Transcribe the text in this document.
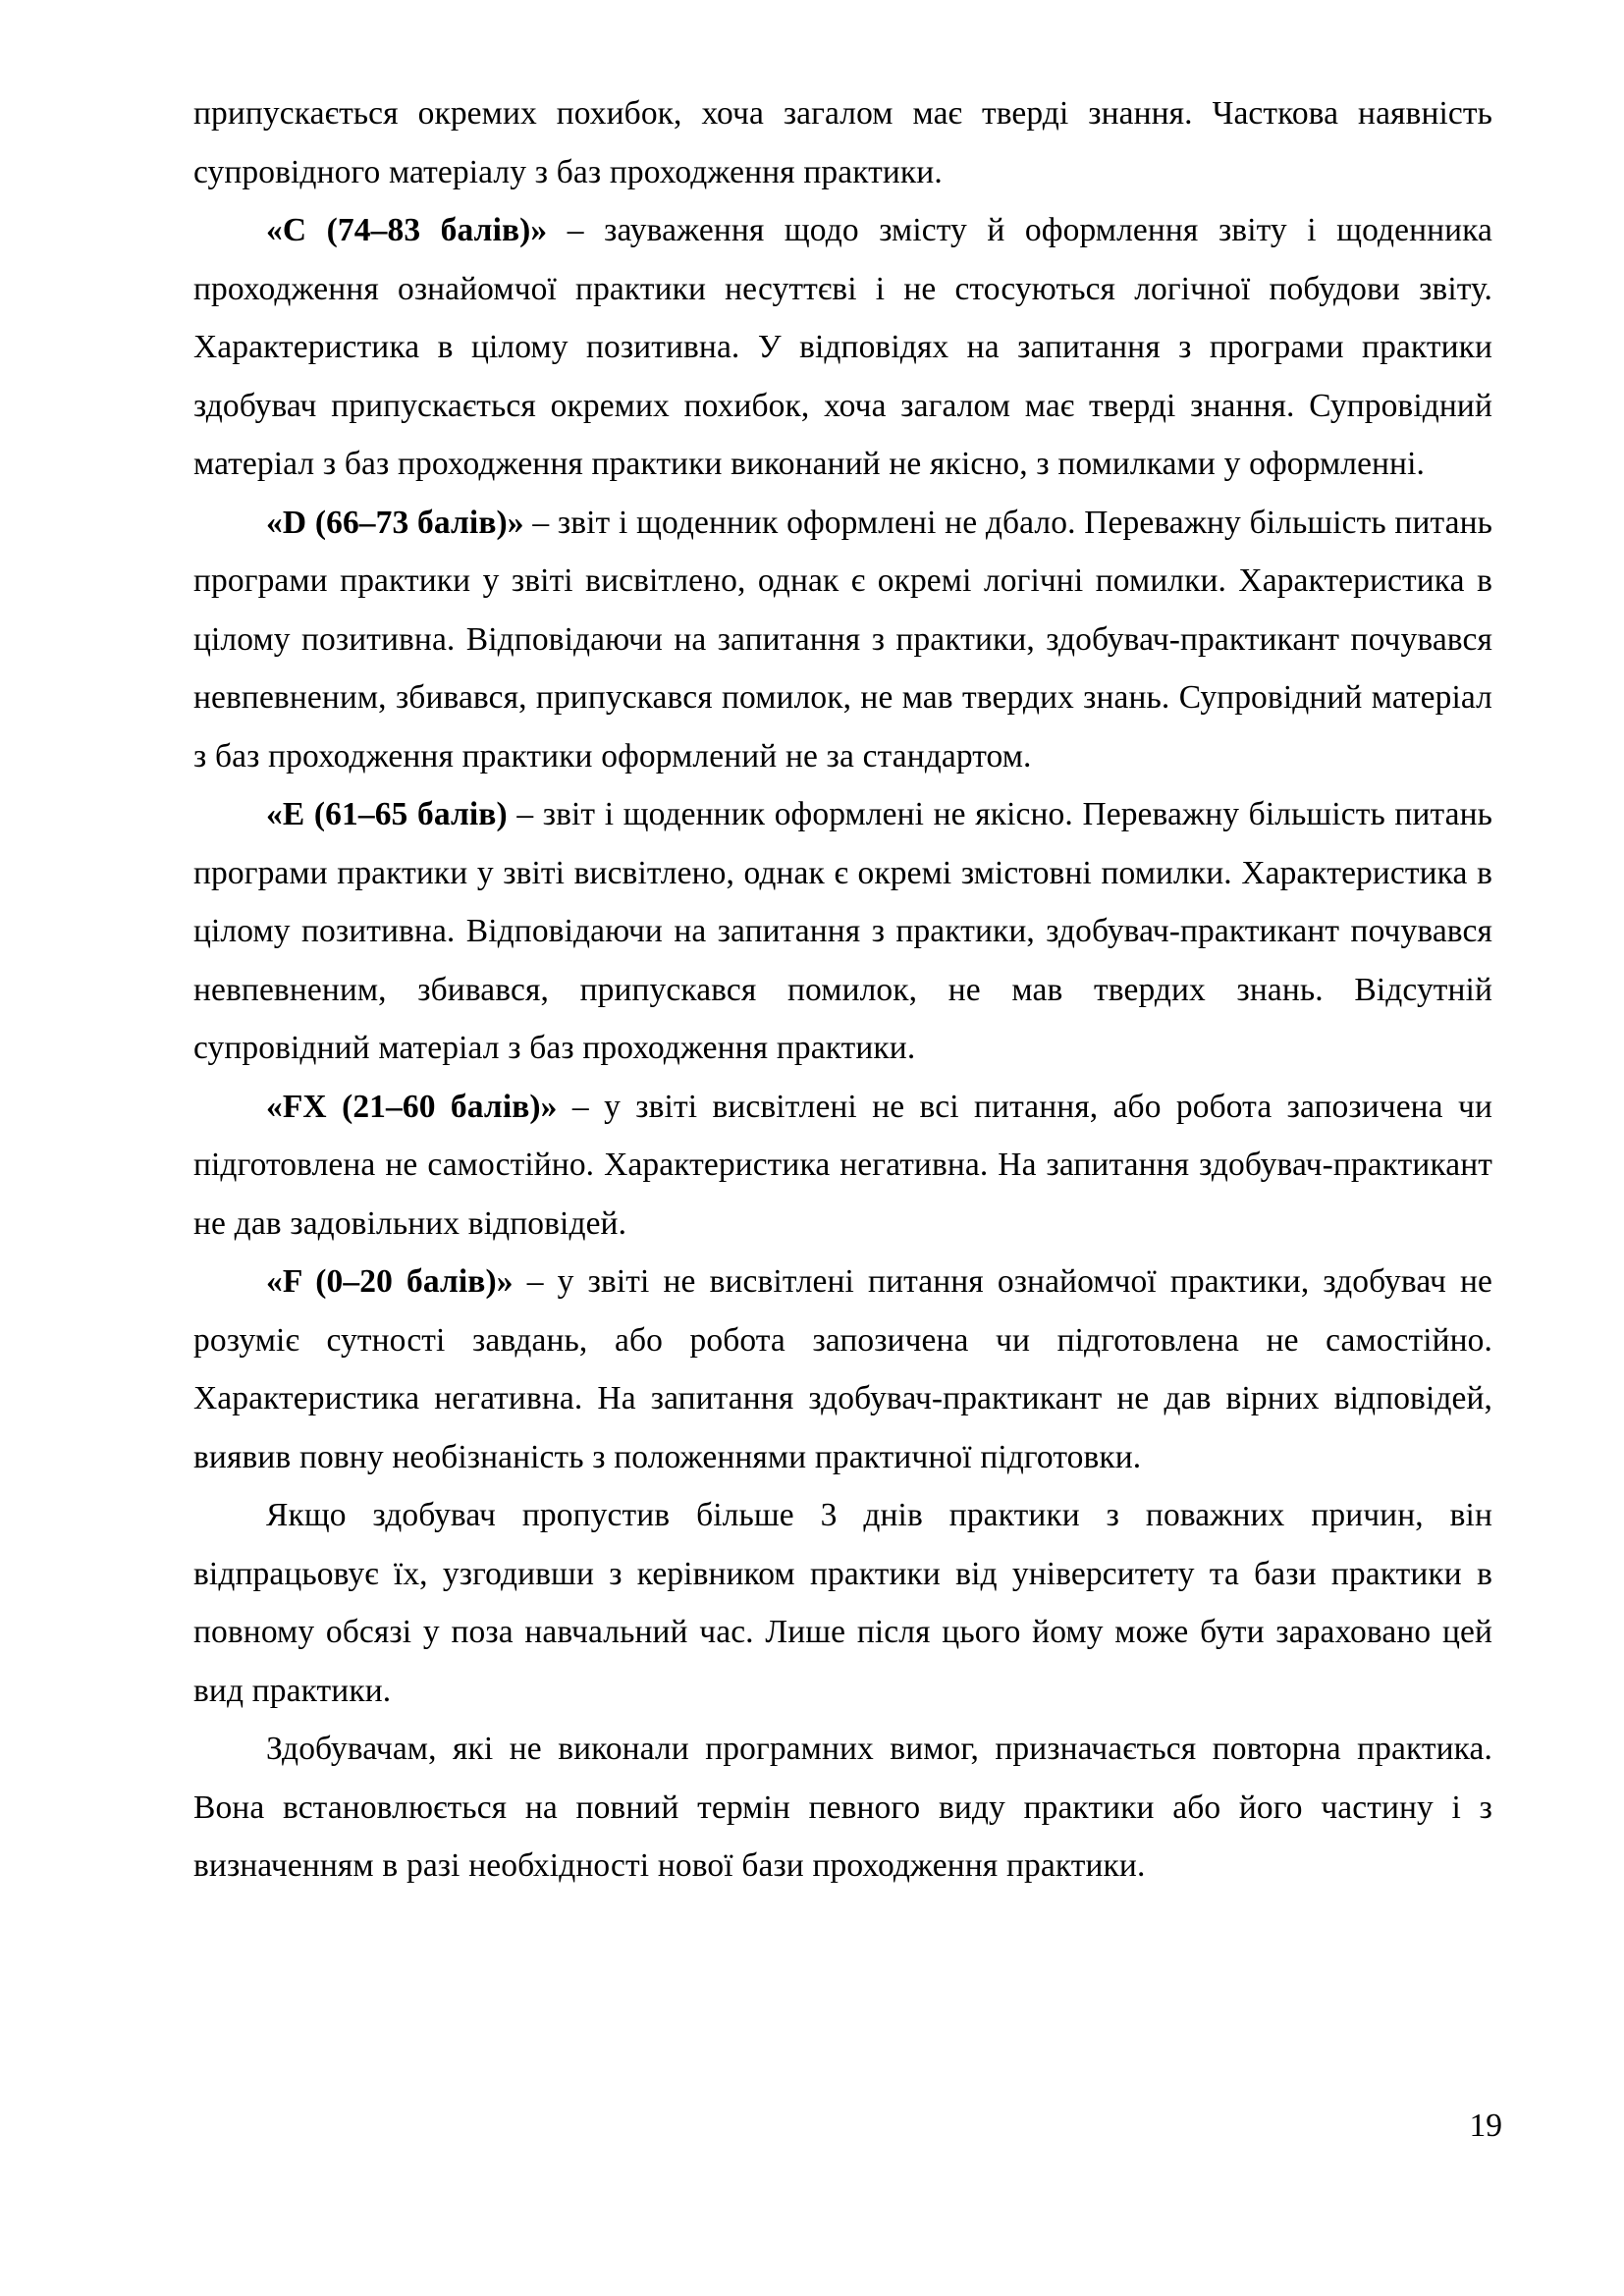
припускається окремих похибок, хоча загалом має тверді знання. Часткова наявність супровідного матеріалу з баз проходження практики.

«C (74–83 балів)» – зауваження щодо змісту й оформлення звіту і щоденника проходження ознайомчої практики несуттєві і не стосуються логічної побудови звіту. Характеристика в цілому позитивна. У відповідях на запитання з програми практики здобувач припускається окремих похибок, хоча загалом має тверді знання. Супровідний матеріал з баз проходження практики виконаний не якісно, з помилками у оформленні.

«D (66–73 балів)» – звіт і щоденник оформлені не дбало. Переважну більшість питань програми практики у звіті висвітлено, однак є окремі логічні помилки. Характеристика в цілому позитивна. Відповідаючи на запитання з практики, здобувач-практикант почувався невпевненим, збивався, припускався помилок, не мав твердих знань. Супровідний матеріал з баз проходження практики оформлений не за стандартом.

«E (61–65 балів) – звіт і щоденник оформлені не якісно. Переважну більшість питань програми практики у звіті висвітлено, однак є окремі змістовні помилки. Характеристика в цілому позитивна. Відповідаючи на запитання з практики, здобувач-практикант почувався невпевненим, збивався, припускався помилок, не мав твердих знань. Відсутній супровідний матеріал з баз проходження практики.

«FX (21–60 балів)» – у звіті висвітлені не всі питання, або робота запозичена чи підготовлена не самостійно. Характеристика негативна. На запитання здобувач-практикант не дав задовільних відповідей.

«F (0–20 балів)» – у звіті не висвітлені питання ознайомчої практики, здобувач не розуміє сутності завдань, або робота запозичена чи підготовлена не самостійно. Характеристика негативна. На запитання здобувач-практикант не дав вірних відповідей, виявив повну необізнаність з положеннями практичної підготовки.

Якщо здобувач пропустив більше 3 днів практики з поважних причин, він відпрацьовує їх, узгодивши з керівником практики від університету та бази практики в повному обсязі у поза навчальний час. Лише після цього йому може бути зараховано цей вид практики.

Здобувачам, які не виконали програмних вимог, призначається повторна практика. Вона встановлюється на повний термін певного виду практики або його частину і з визначенням в разі необхідності нової бази проходження практики.

19
